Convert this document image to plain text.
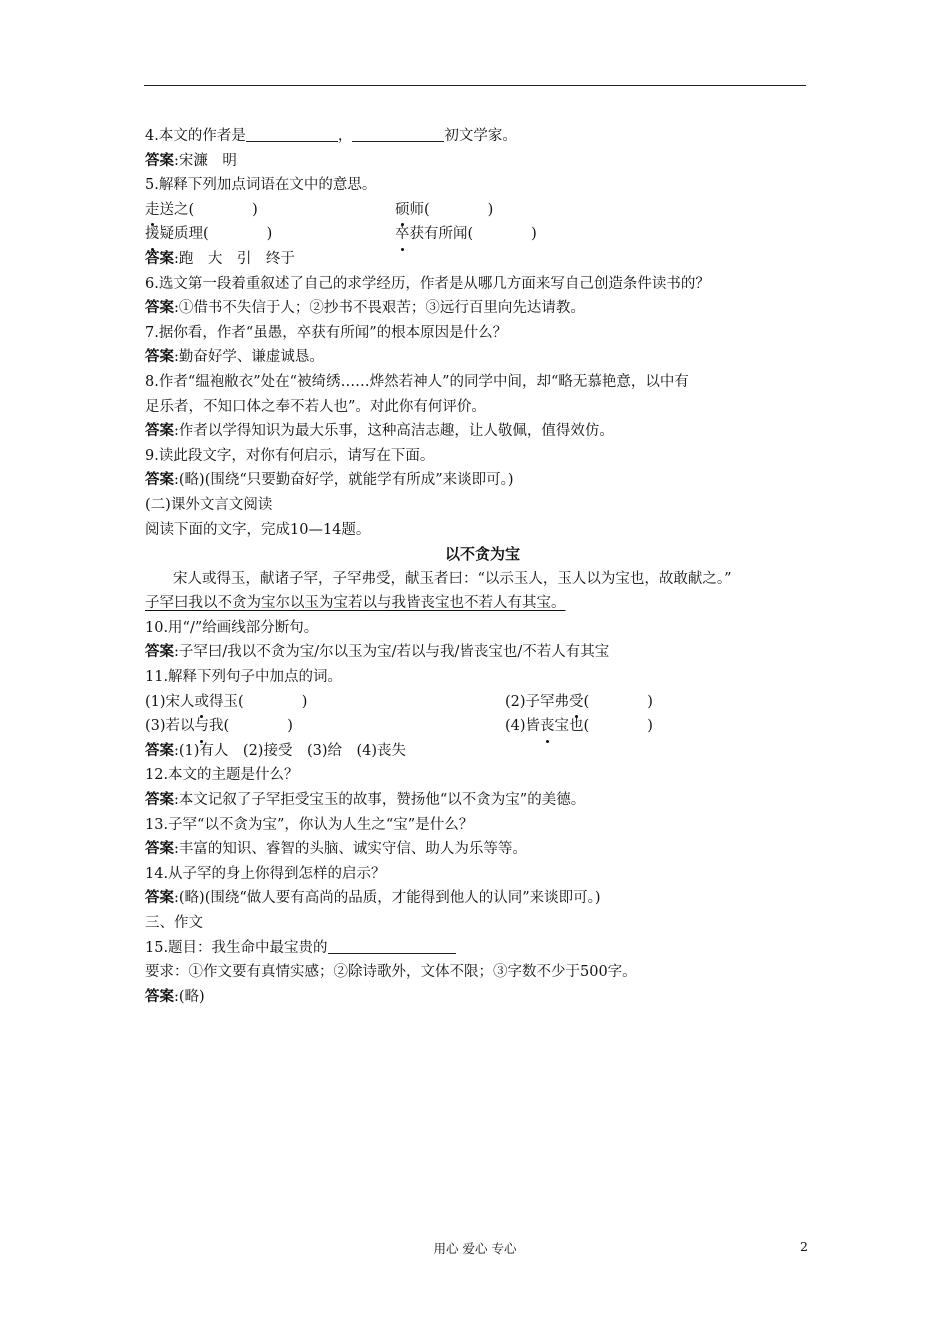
4.本文的作者是	，	初文学家。
答案:宋濂　明
5.解释下列加点词语在文中的意思。
走送之(　　　　)	硕师(　　　　)
援疑质理(　　　　)	卒获有所闻(　　　　)
答案:跑　大　引　终于
6.选文第一段着重叙述了自己的求学经历，作者是从哪几方面来写自己创造条件读书的？
答案:①借书不失信于人；②抄书不畏艰苦；③远行百里向先达请教。
7.据你看，作者“虽愚，卒获有所闻”的根本原因是什么？
答案:勤奋好学、谦虚诚恳。
8.作者“缊袍敝衣”处在“被绮绣……烨然若神人”的同学中间，却“略无慕艳意，以中有
足乐者，不知口体之奉不若人也”。对此你有何评价。
答案:作者以学得知识为最大乐事，这种高洁志趣，让人敬佩，值得效仿。
9.读此段文字，对你有何启示，请写在下面。
答案:(略)(围绕“只要勤奋好学，就能学有所成”来谈即可。)
(二)课外文言文阅读
阅读下面的文字，完成10—14题。
以不贪为宝
宋人或得玉，献诸子罕，子罕弗受，献玉者曰：“以示玉人，玉人以为宝也，故敢献之。”
子罕曰我以不贪为宝尔以玉为宝若以与我皆丧宝也不若人有其宝。
10.用“/”给画线部分断句。
答案:子罕曰/我以不贪为宝/尔以玉为宝/若以与我/皆丧宝也/不若人有其宝
11.解释下列句子中加点的词。
(1)宋人或得玉(　　　　)	(2)子罕弗受(　　　　)
(3)若以与我(　　　　)	(4)皆丧宝也(　　　　)
答案:(1)有人　(2)接受　(3)给　(4)丧失
12.本文的主题是什么？
答案:本文记叙了子罕拒受宝玉的故事，赞扬他“以不贪为宝”的美德。
13.子罕“以不贪为宝”，你认为人生之“宝”是什么？
答案:丰富的知识、睿智的头脑、诚实守信、助人为乐等等。
14.从子罕的身上你得到怎样的启示？
答案:(略)(围绕“做人要有高尚的品质，才能得到他人的认同”来谈即可。)
三、作文
15.题目：我生命中最宝贵的
要求：①作文要有真情实感；②除诗歌外，文体不限；③字数不少于500字。
答案:(略)
用心 爱心 专心	2
